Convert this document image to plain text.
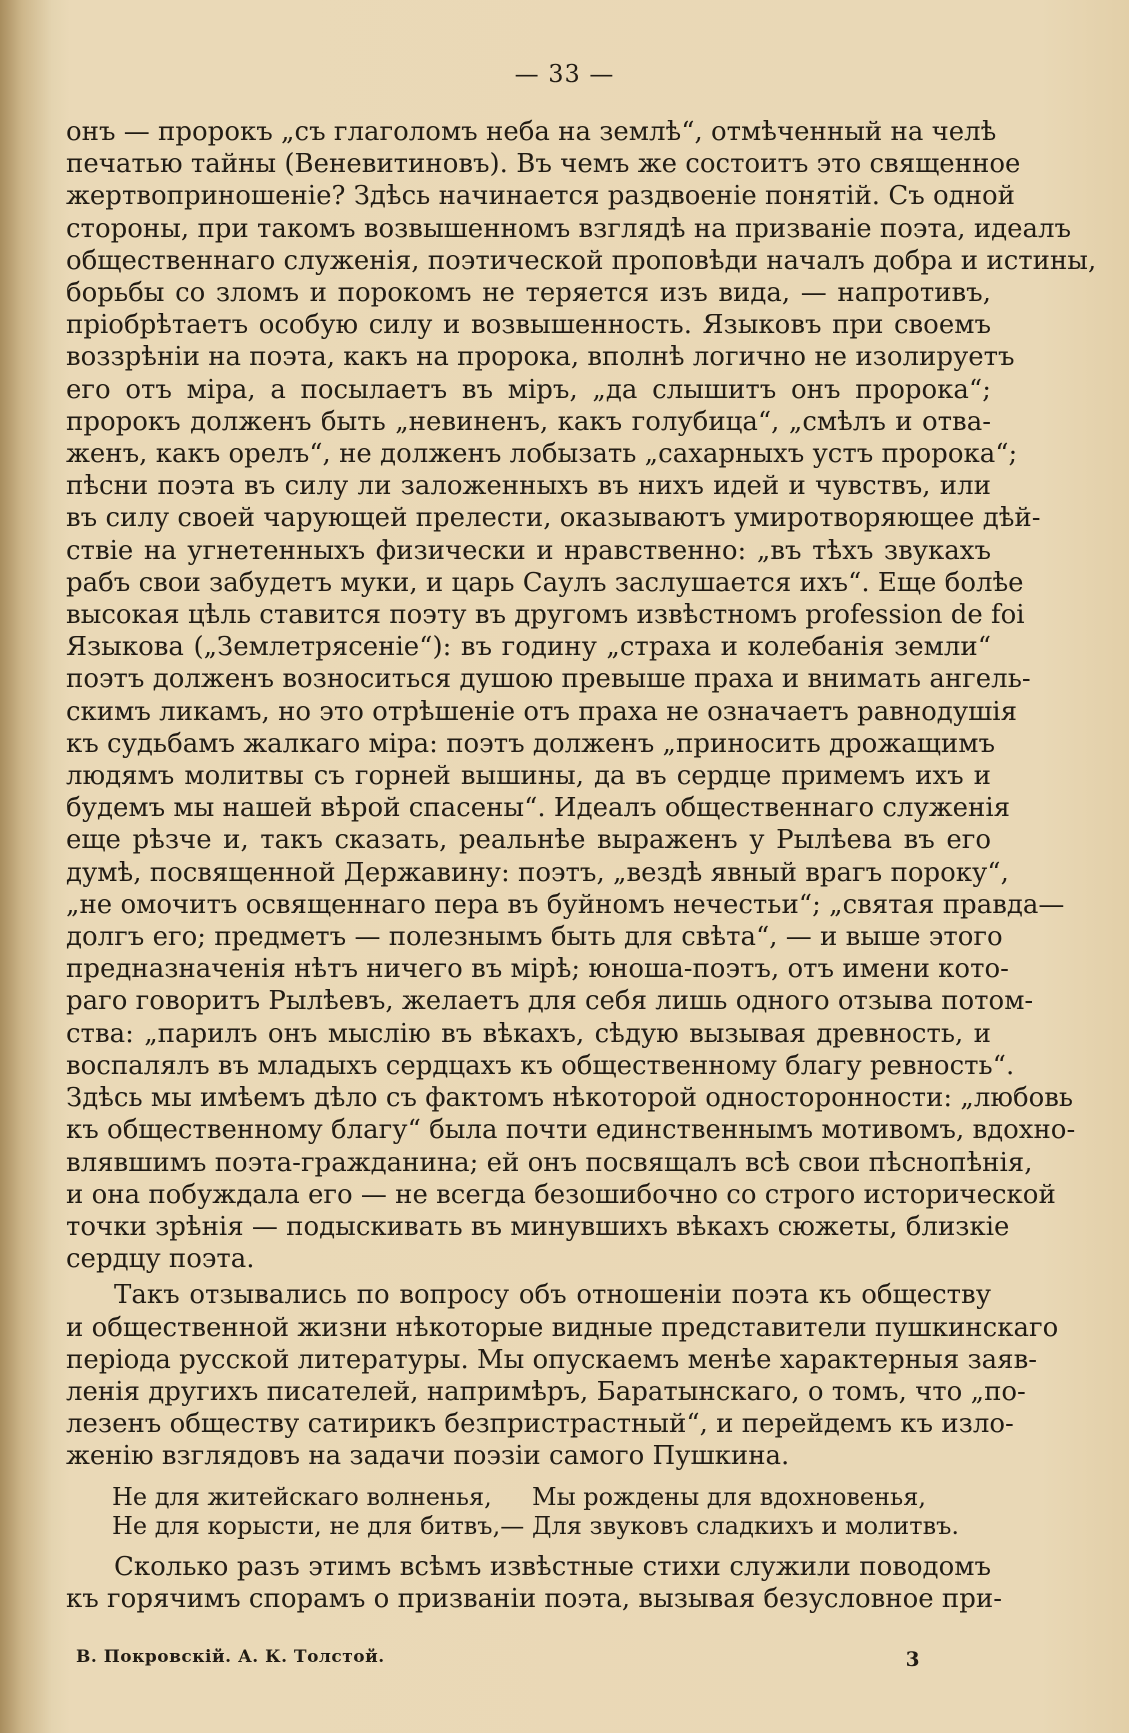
— 33 —
онъ — пророкъ „съ глаголомъ неба на землѣ“, отмѣченный на челѣ
печатью тайны (Веневитиновъ). Въ чемъ же состоитъ это священное
жертвоприношеніе? Здѣсь начинается раздвоеніе понятій. Съ одной
стороны, при такомъ возвышенномъ взглядѣ на призваніе поэта, идеалъ
общественнаго служенія, поэтической проповѣди началъ добра и истины,
борьбы со зломъ и порокомъ не теряется изъ вида, — напротивъ,
пріобрѣтаетъ особую силу и возвышенность. Языковъ при своемъ
воззрѣніи на поэта, какъ на пророка, вполнѣ логично не изолируетъ
его отъ міра, а посылаетъ въ міръ, „да слышитъ онъ пророка“;
пророкъ долженъ быть „невиненъ, какъ голубица“, „смѣлъ и отва-
женъ, какъ орелъ“, не долженъ лобызать „сахарныхъ устъ пророка“;
пѣсни поэта въ силу ли заложенныхъ въ нихъ идей и чувствъ, или
въ силу своей чарующей прелести, оказываютъ умиротворяющее дѣй-
ствіе на угнетенныхъ физически и нравственно: „въ тѣхъ звукахъ
рабъ свои забудетъ муки, и царь Саулъ заслушается ихъ“. Еще болѣе
высокая цѣль ставится поэту въ другомъ извѣстномъ profession de foi
Языкова („Землетрясеніе“): въ годину „страха и колебанія земли“
поэтъ долженъ возноситься душою превыше праха и внимать ангель-
скимъ ликамъ, но это отрѣшеніе отъ праха не означаетъ равнодушія
къ судьбамъ жалкаго міра: поэтъ долженъ „приносить дрожащимъ
людямъ молитвы съ горней вышины, да въ сердце примемъ ихъ и
будемъ мы нашей вѣрой спасены“. Идеалъ общественнаго служенія
еще рѣзче и, такъ сказать, реальнѣе выраженъ у Рылѣева въ его
думѣ, посвященной Державину: поэтъ, „вездѣ явный врагъ пороку“,
„не омочитъ освященнаго пера въ буйномъ нечестьи“; „святая правда—
долгъ его; предметъ — полезнымъ быть для свѣта“, — и выше этого
предназначенія нѣтъ ничего въ мірѣ; юноша-поэтъ, отъ имени кото-
раго говоритъ Рылѣевъ, желаетъ для себя лишь одного отзыва потом-
ства: „парилъ онъ мыслію въ вѣкахъ, сѣдую вызывая древность, и
воспалялъ въ младыхъ сердцахъ къ общественному благу ревность“.
Здѣсь мы имѣемъ дѣло съ фактомъ нѣкоторой односторонности: „любовь
къ общественному благу“ была почти единственнымъ мотивомъ, вдохно-
влявшимъ поэта-гражданина; ей онъ посвящалъ всѣ свои пѣснопѣнія,
и она побуждала его — не всегда безошибочно со строго исторической
точки зрѣнія — подыскивать въ минувшихъ вѣкахъ сюжеты, близкіе
сердцу поэта.
Такъ отзывались по вопросу объ отношеніи поэта къ обществу
и общественной жизни нѣкоторые видные представители пушкинскаго
періода русской литературы. Мы опускаемъ менѣе характерныя заяв-
ленія другихъ писателей, напримѣръ, Баратынскаго, о томъ, что „по-
лезенъ обществу сатирикъ безпристрастный“, и перейдемъ къ изло-
женію взглядовъ на задачи поэзіи самого Пушкина.
Не для житейскаго волненья,	Мы рождены для вдохновенья,
Не для корысти, не для битвъ,— Для звуковъ сладкихъ и молитвъ.
Сколько разъ этимъ всѣмъ извѣстные стихи служили поводомъ
къ горячимъ спорамъ о призваніи поэта, вызывая безусловное при-
В. Покровскій. А. К. Толстой.	3
